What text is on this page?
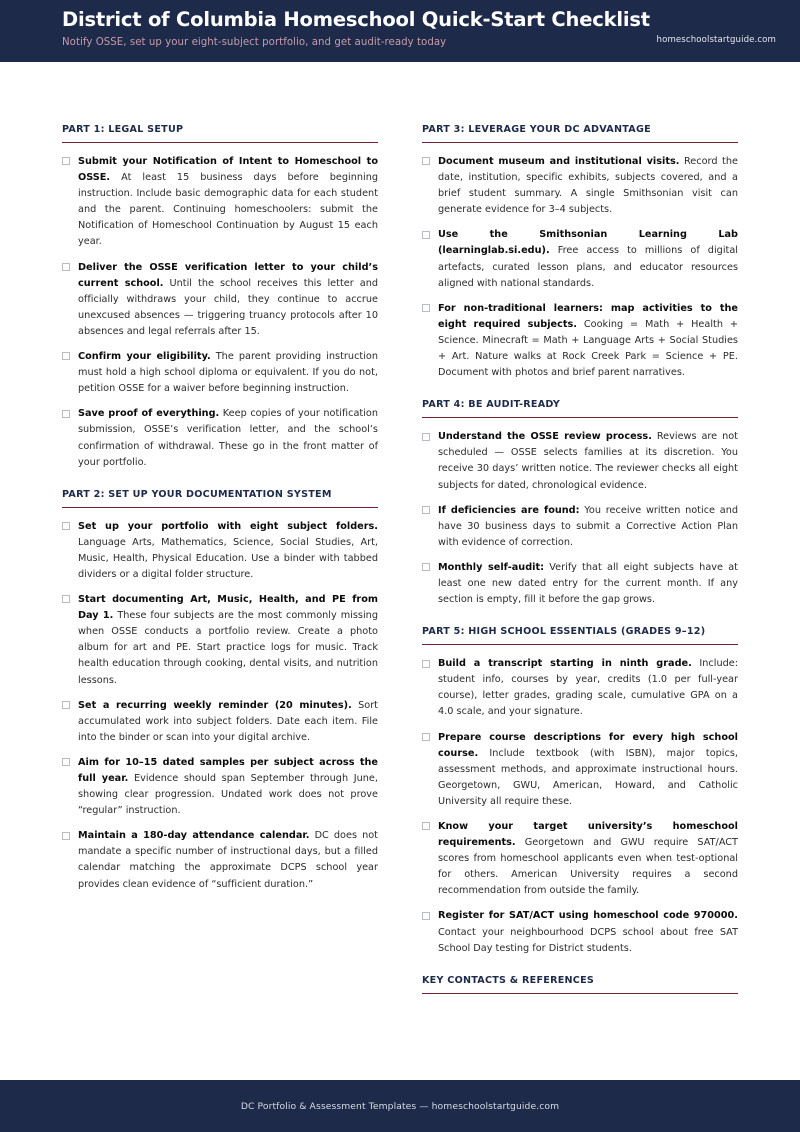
District of Columbia Homeschool Quick-Start Checklist
Notify OSSE, set up your eight-subject portfolio, and get audit-ready today	homeschoolstartguide.com
PART 1: LEGAL SETUP
Submit your Notification of Intent to Homeschool to OSSE. At least 15 business days before beginning instruction. Include basic demographic data for each student and the parent. Continuing homeschoolers: submit the Notification of Homeschool Continuation by August 15 each year.
Deliver the OSSE verification letter to your child’s current school. Until the school receives this letter and officially withdraws your child, they continue to accrue unexcused absences — triggering truancy protocols after 10 absences and legal referrals after 15.
Confirm your eligibility. The parent providing instruction must hold a high school diploma or equivalent. If you do not, petition OSSE for a waiver before beginning instruction.
Save proof of everything. Keep copies of your notification submission, OSSE’s verification letter, and the school’s confirmation of withdrawal. These go in the front matter of your portfolio.
PART 2: SET UP YOUR DOCUMENTATION SYSTEM
Set up your portfolio with eight subject folders. Language Arts, Mathematics, Science, Social Studies, Art, Music, Health, Physical Education. Use a binder with tabbed dividers or a digital folder structure.
Start documenting Art, Music, Health, and PE from Day 1. These four subjects are the most commonly missing when OSSE conducts a portfolio review. Create a photo album for art and PE. Start practice logs for music. Track health education through cooking, dental visits, and nutrition lessons.
Set a recurring weekly reminder (20 minutes). Sort accumulated work into subject folders. Date each item. File into the binder or scan into your digital archive.
Aim for 10–15 dated samples per subject across the full year. Evidence should span September through June, showing clear progression. Undated work does not prove “regular” instruction.
Maintain a 180-day attendance calendar. DC does not mandate a specific number of instructional days, but a filled calendar matching the approximate DCPS school year provides clean evidence of “sufficient duration.”
PART 3: LEVERAGE YOUR DC ADVANTAGE
Document museum and institutional visits. Record the date, institution, specific exhibits, subjects covered, and a brief student summary. A single Smithsonian visit can generate evidence for 3–4 subjects.
Use the Smithsonian Learning Lab (learninglab.si.edu). Free access to millions of digital artefacts, curated lesson plans, and educator resources aligned with national standards.
For non-traditional learners: map activities to the eight required subjects. Cooking = Math + Health + Science. Minecraft = Math + Language Arts + Social Studies + Art. Nature walks at Rock Creek Park = Science + PE. Document with photos and brief parent narratives.
PART 4: BE AUDIT-READY
Understand the OSSE review process. Reviews are not scheduled — OSSE selects families at its discretion. You receive 30 days’ written notice. The reviewer checks all eight subjects for dated, chronological evidence.
If deficiencies are found: You receive written notice and have 30 business days to submit a Corrective Action Plan with evidence of correction.
Monthly self-audit: Verify that all eight subjects have at least one new dated entry for the current month. If any section is empty, fill it before the gap grows.
PART 5: HIGH SCHOOL ESSENTIALS (GRADES 9–12)
Build a transcript starting in ninth grade. Include: student info, courses by year, credits (1.0 per full-year course), letter grades, grading scale, cumulative GPA on a 4.0 scale, and your signature.
Prepare course descriptions for every high school course. Include textbook (with ISBN), major topics, assessment methods, and approximate instructional hours. Georgetown, GWU, American, Howard, and Catholic University all require these.
Know your target university’s homeschool requirements. Georgetown and GWU require SAT/ACT scores from homeschool applicants even when test-optional for others. American University requires a second recommendation from outside the family.
Register for SAT/ACT using homeschool code 970000. Contact your neighbourhood DCPS school about free SAT School Day testing for District students.
KEY CONTACTS & REFERENCES
DC Portfolio & Assessment Templates — homeschoolstartguide.com
